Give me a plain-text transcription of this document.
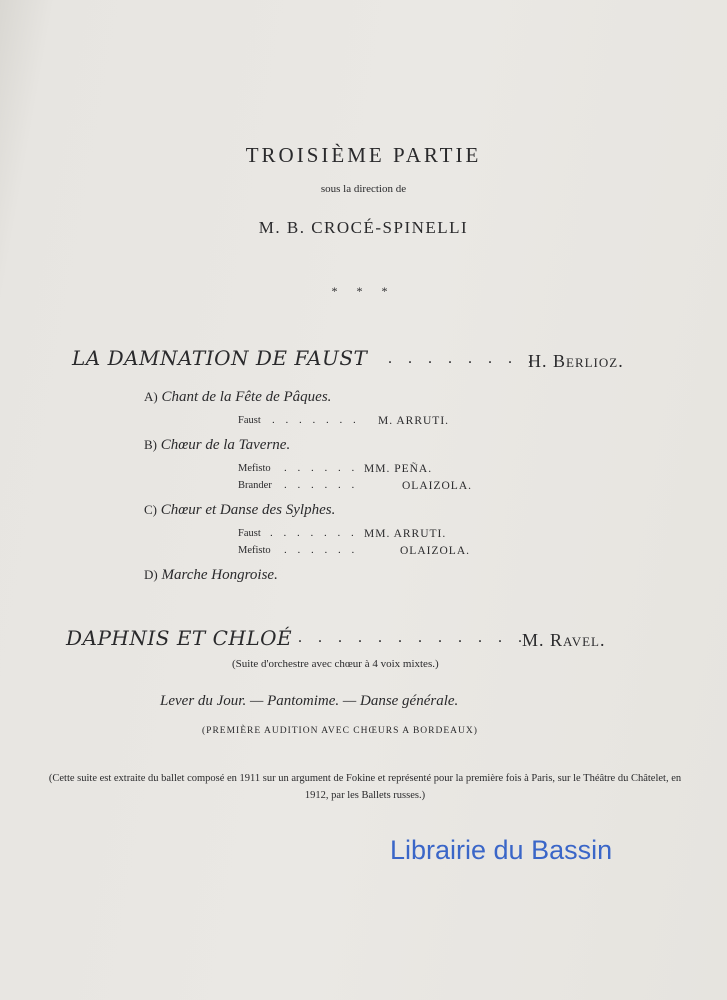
TROISIÈME PARTIE
sous la direction de
M. B. CROCÉ-SPINELLI
* * *
LA DAMNATION DE FAUST . . . . . . . .
H. Berlioz.
A) Chant de la Fête de Pâques.
Faust . . . . . . . M. ARRUTI.
B) Chœur de la Taverne.
Mefisto . . . . . . MM. PEÑA.
Brander . . . . . .	OLAIZOLA.
C) Chœur et Danse des Sylphes.
Faust . . . . . . . MM. ARRUTI.
Mefisto . . . . . .	OLAIZOLA.
D) Marche Hongroise.
DAPHNIS ET CHLOÉ . . . . . . . . . . . .
M. Ravel.
(Suite d'orchestre avec chœur à 4 voix mixtes.)
Lever du Jour. — Pantomime. — Danse générale.
(PREMIÈRE AUDITION AVEC CHŒURS A BORDEAUX)
(Cette suite est extraite du ballet composé en 1911 sur un argument de Fokine et représenté pour la première fois à Paris, sur le Théâtre du Châtelet, en 1912, par les Ballets russes.)
Librairie du Bassin
